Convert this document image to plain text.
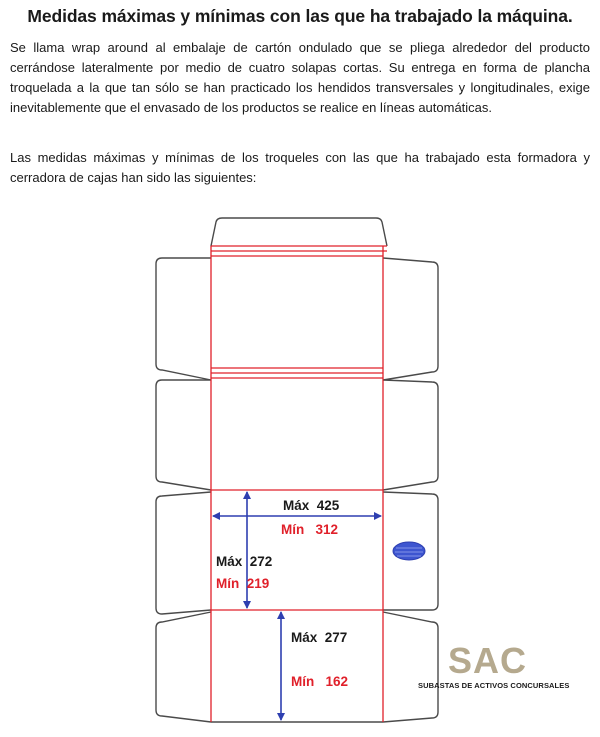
Medidas máximas y mínimas con las que ha trabajado la máquina.

Se llama wrap around al embalaje de cartón ondulado que se pliega alrededor del producto cerrándose lateralmente por medio de cuatro solapas cortas. Su entrega en forma de plancha troquelada a la que tan sólo se han practicado los hendidos transversales y longitudinales, exige inevitablemente que el envasado de los productos se realice en líneas automáticas.

Las medidas máximas y mínimas de los troqueles con las que ha trabajado esta formadora y cerradora de cajas han sido las siguientes:

Máx  425
Mín   312
Máx  272
Mín  219
Máx  277
Mín   162
SAC
SUBASTAS DE ACTIVOS CONCURSALES
